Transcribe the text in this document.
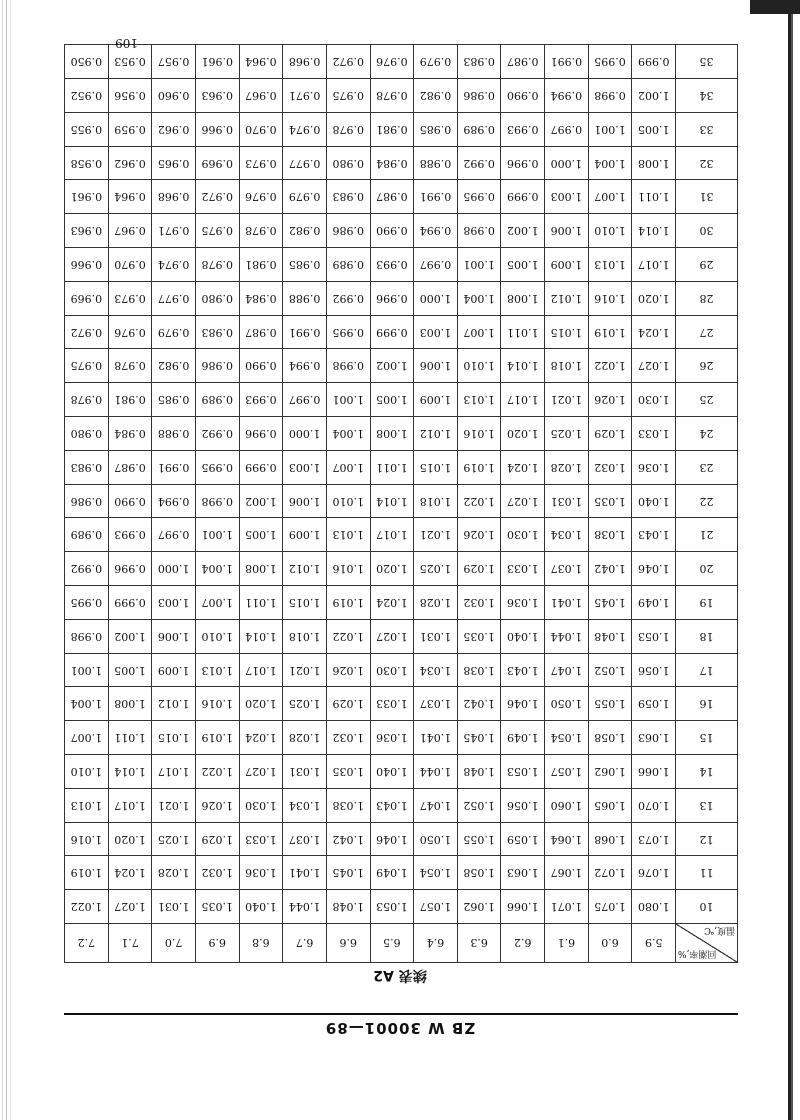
ZB W 30001—89
续表 A2
回潮率,%
温度,℃	5.9	6.0	6.1	6.2	6.3	6.4	6.5	6.6	6.7	6.8	6.9	7.0	7.1	7.2
10	1.080	1.075	1.071	1.066	1.062	1.057	1.053	1.048	1.044	1.040	1.035	1.031	1.027	1.022
11	1.076	1.072	1.067	1.063	1.058	1.054	1.049	1.045	1.041	1.036	1.032	1.028	1.024	1.019
12	1.073	1.068	1.064	1.059	1.055	1.050	1.046	1.042	1.037	1.033	1.029	1.025	1.020	1.016
13	1.070	1.065	1.060	1.056	1.052	1.047	1.043	1.038	1.034	1.030	1.026	1.021	1.017	1.013
14	1.066	1.062	1.057	1.053	1.048	1.044	1.040	1.035	1.031	1.027	1.022	1.017	1.014	1.010
15	1.063	1.058	1.054	1.049	1.045	1.041	1.036	1.032	1.028	1.024	1.019	1.015	1.011	1.007
16	1.059	1.055	1.050	1.046	1.042	1.037	1.033	1.029	1.025	1.020	1.016	1.012	1.008	1.004
17	1.056	1.052	1.047	1.043	1.038	1.034	1.030	1.026	1.021	1.017	1.013	1.009	1.005	1.001
18	1.053	1.048	1.044	1.040	1.035	1.031	1.027	1.022	1.018	1.014	1.010	1.006	1.002	0.998
19	1.049	1.045	1.041	1.036	1.032	1.028	1.024	1.019	1.015	1.011	1.007	1.003	0.999	0.995
20	1.046	1.042	1.037	1.033	1.029	1.025	1.020	1.016	1.012	1.008	1.004	1.000	0.996	0.992
21	1.043	1.038	1.034	1.030	1.026	1.021	1.017	1.013	1.009	1.005	1.001	0.997	0.993	0.989
22	1.040	1.035	1.031	1.027	1.022	1.018	1.014	1.010	1.006	1.002	0.998	0.994	0.990	0.986
23	1.036	1.032	1.028	1.024	1.019	1.015	1.011	1.007	1.003	0.999	0.995	0.991	0.987	0.983
24	1.033	1.029	1.025	1.020	1.016	1.012	1.008	1.004	1.000	0.996	0.992	0.988	0.984	0.980
25	1.030	1.026	1.021	1.017	1.013	1.009	1.005	1.001	0.997	0.993	0.989	0.985	0.981	0.978
26	1.027	1.022	1.018	1.014	1.010	1.006	1.002	0.998	0.994	0.990	0.986	0.982	0.978	0.975
27	1.024	1.019	1.015	1.011	1.007	1.003	0.999	0.995	0.991	0.987	0.983	0.979	0.976	0.972
28	1.020	1.016	1.012	1.008	1.004	1.000	0.996	0.992	0.988	0.984	0.980	0.977	0.973	0.969
29	1.017	1.013	1.009	1.005	1.001	0.997	0.993	0.989	0.985	0.981	0.978	0.974	0.970	0.966
30	1.014	1.010	1.006	1.002	0.998	0.994	0.990	0.986	0.982	0.978	0.975	0.971	0.967	0.963
31	1.011	1.007	1.003	0.999	0.995	0.991	0.987	0.983	0.979	0.976	0.972	0.968	0.964	0.961
32	1.008	1.004	1.000	0.996	0.992	0.988	0.984	0.980	0.977	0.973	0.969	0.965	0.962	0.958
33	1.005	1.001	0.997	0.993	0.989	0.985	0.981	0.978	0.974	0.970	0.966	0.962	0.959	0.955
34	1.002	0.998	0.994	0.990	0.986	0.982	0.978	0.975	0.971	0.967	0.963	0.960	0.956	0.952
35	0.999	0.995	0.991	0.987	0.983	0.979	0.976	0.972	0.968	0.964	0.961	0.957	0.953	0.950
109
